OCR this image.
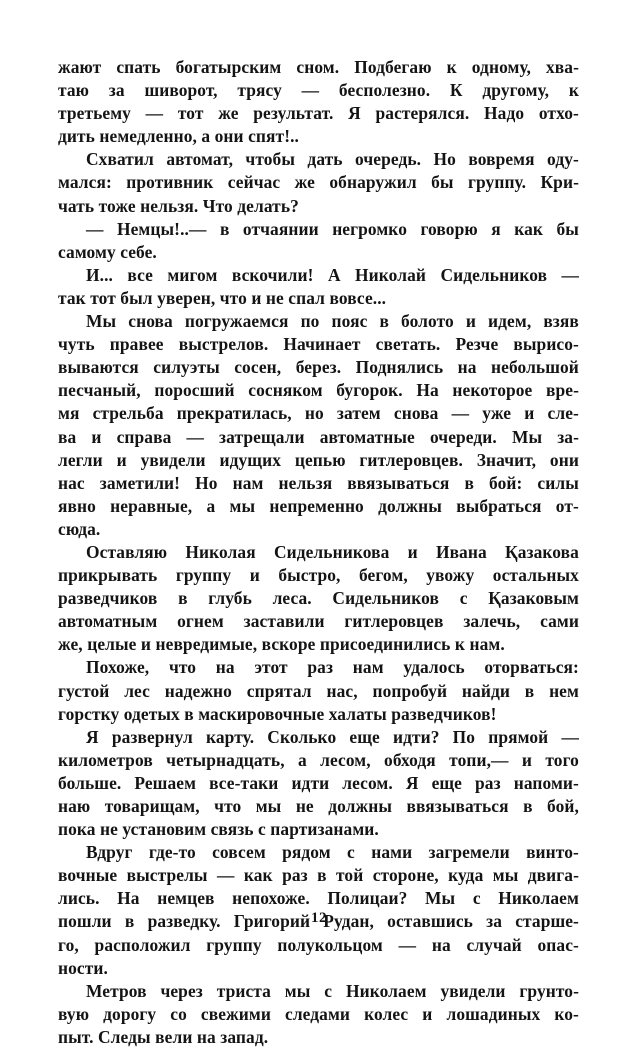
жают спать богатырским сном. Подбегаю к одному, хва-
таю за шиворот, трясу — бесполезно. К другому, к
третьему — тот же результат. Я растерялся. Надо отхо-
дить немедленно, а они спят!..

Схватил автомат, чтобы дать очередь. Но вовремя оду-
мался: противник сейчас же обнаружил бы группу. Кри-
чать тоже нельзя. Что делать?

— Немцы!..— в отчаянии негромко говорю я как бы
самому себе.

И... все мигом вскочили! А Николай Сидельников —
так тот был уверен, что и не спал вовсе...

Мы снова погружаемся по пояс в болото и идем, взяв
чуть правее выстрелов. Начинает светать. Резче вырисо-
вываются силуэты сосен, берез. Поднялись на небольшой
песчаный, поросший сосняком бугорок. На некоторое вре-
мя стрельба прекратилась, но затем снова — уже и сле-
ва и справа — затрещали автоматные очереди. Мы за-
легли и увидели идущих цепью гитлеровцев. Значит, они
нас заметили! Но нам нельзя ввязываться в бой: силы
явно неравные, а мы непременно должны выбраться от-
сюда.

Оставляю Николая Сидельникова и Ивана Қазакова
прикрывать группу и быстро, бегом, увожу остальных
разведчиков в глубь леса. Сидельников с Қазаковым
автоматным огнем заставили гитлеровцев залечь, сами
же, целые и невредимые, вскоре присоединились к нам.

Похоже, что на этот раз нам удалось оторваться:
густой лес надежно спрятал нас, попробуй найди в нем
горстку одетых в маскировочные халаты разведчиков!

Я развернул карту. Сколько еще идти? По прямой —
километров четырнадцать, а лесом, обходя топи,— и того
больше. Решаем все-таки идти лесом. Я еще раз напоми-
наю товарищам, что мы не должны ввязываться в бой,
пока не установим связь с партизанами.

Вдруг где-то совсем рядом с нами загремели винто-
вочные выстрелы — как раз в той стороне, куда мы двига-
лись. На немцев непохоже. Полицаи? Мы с Николаем
пошли в разведку. Григорий Рудан, оставшись за старше-
го, расположил группу полукольцом — на случай опас-
ности.

Метров через триста мы с Николаем увидели грунто-
вую дорогу со свежими следами колес и лошадиных ко-
пыт. Следы вели на запад.

12
